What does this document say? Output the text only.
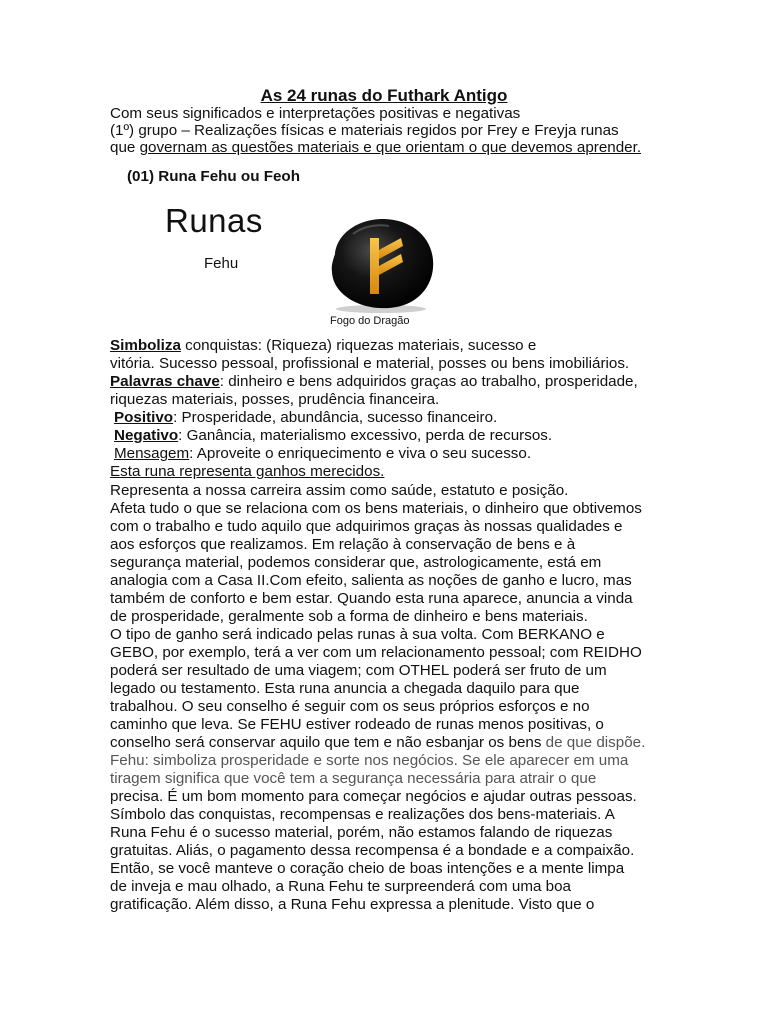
As 24 runas do Futhark Antigo
Com seus significados e interpretações positivas e negativas
(1º) grupo – Realizações físicas e materiais regidos por Frey e Freyja runas
que governam as questões materiais e que orientam o que devemos aprender.
(01) Runa Fehu ou Feoh
Runas
Fehu
Fogo do Dragão
Simboliza conquistas: (Riqueza) riquezas materiais, sucesso e
vitória. Sucesso pessoal, profissional e material, posses ou bens imobiliários.
Palavras chave: dinheiro e bens adquiridos graças ao trabalho, prosperidade,
riquezas materiais, posses, prudência financeira.
Positivo: Prosperidade, abundância, sucesso financeiro.
Negativo: Ganância, materialismo excessivo, perda de recursos.
Mensagem: Aproveite o enriquecimento e viva o seu sucesso.
Esta runa representa ganhos merecidos.
Representa a nossa carreira assim como saúde, estatuto e posição.
Afeta tudo o que se relaciona com os bens materiais, o dinheiro que obtivemos
com o trabalho e tudo aquilo que adquirimos graças às nossas qualidades e
aos esforços que realizamos. Em relação à conservação de bens e à
segurança material, podemos considerar que, astrologicamente, está em
analogia com a Casa II.Com efeito, salienta as noções de ganho e lucro, mas
também de conforto e bem estar. Quando esta runa aparece, anuncia a vinda
de prosperidade, geralmente sob a forma de dinheiro e bens materiais.
O tipo de ganho será indicado pelas runas à sua volta. Com BERKANO e
GEBO, por exemplo, terá a ver com um relacionamento pessoal; com REIDHO
poderá ser resultado de uma viagem; com OTHEL poderá ser fruto de um
legado ou testamento. Esta runa anuncia a chegada daquilo para que
trabalhou. O seu conselho é seguir com os seus próprios esforços e no
caminho que leva. Se FEHU estiver rodeado de runas menos positivas, o
conselho será conservar aquilo que tem e não esbanjar os bens de que dispõe.
Fehu: simboliza prosperidade e sorte nos negócios. Se ele aparecer em uma
tiragem significa que você tem a segurança necessária para atrair o que
precisa. É um bom momento para começar negócios e ajudar outras pessoas.
Símbolo das conquistas, recompensas e realizações dos bens-materiais. A
Runa Fehu é o sucesso material, porém, não estamos falando de riquezas
gratuitas. Aliás, o pagamento dessa recompensa é a bondade e a compaixão.
Então, se você manteve o coração cheio de boas intenções e a mente limpa
de inveja e mau olhado, a Runa Fehu te surpreenderá com uma boa
gratificação. Além disso, a Runa Fehu expressa a plenitude. Visto que o
